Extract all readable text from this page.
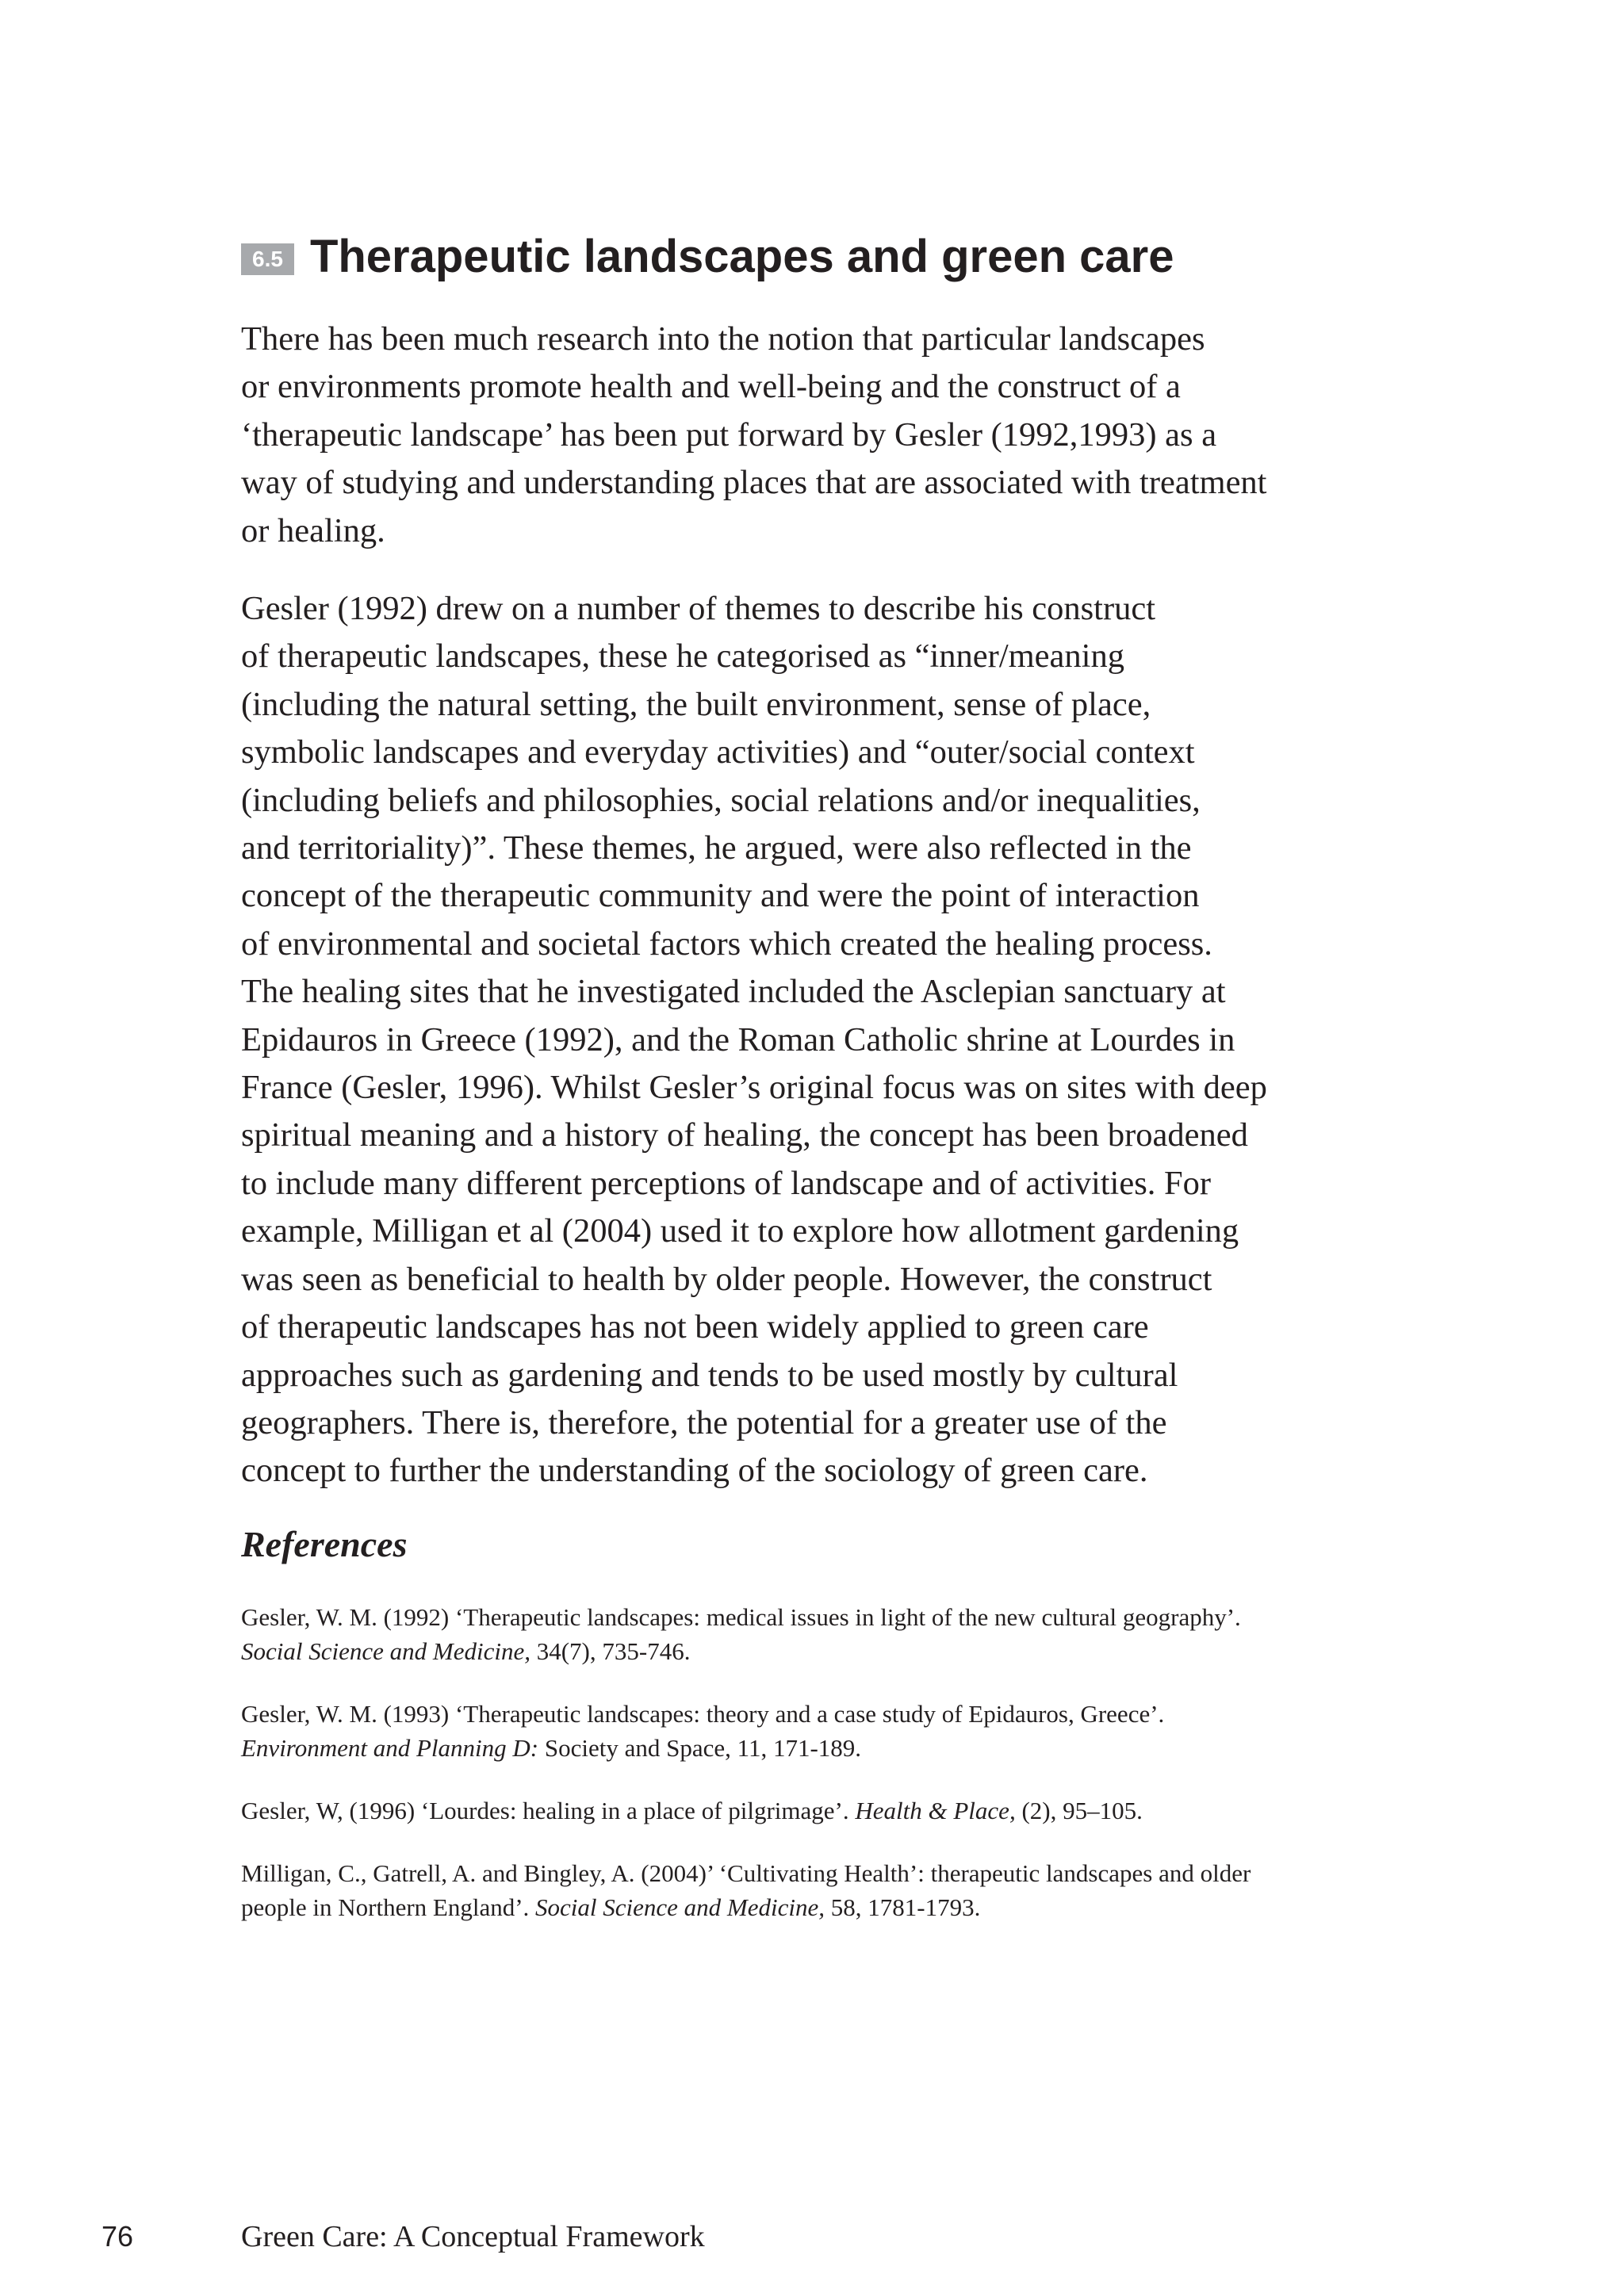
6.5 Therapeutic landscapes and green care

There has been much research into the notion that particular landscapes
or environments promote health and well-being and the construct of a
‘therapeutic landscape’ has been put forward by Gesler (1992,1993) as a
way of studying and understanding places that are associated with treatment
or healing.

Gesler (1992) drew on a number of themes to describe his construct
of therapeutic landscapes, these he categorised as “inner/meaning
(including the natural setting, the built environment, sense of place,
symbolic landscapes and everyday activities) and “outer/social context
(including beliefs and philosophies, social relations and/or inequalities,
and territoriality)”. These themes, he argued, were also reflected in the
concept of the therapeutic community and were the point of interaction
of environmental and societal factors which created the healing process.
The healing sites that he investigated included the Asclepian sanctuary at
Epidauros in Greece (1992), and the Roman Catholic shrine at Lourdes in
France (Gesler, 1996). Whilst Gesler’s original focus was on sites with deep
spiritual meaning and a history of healing, the concept has been broadened
to include many different perceptions of landscape and of activities. For
example, Milligan et al (2004) used it to explore how allotment gardening
was seen as beneficial to health by older people. However, the construct
of therapeutic landscapes has not been widely applied to green care
approaches such as gardening and tends to be used mostly by cultural
geographers. There is, therefore, the potential for a greater use of the
concept to further the understanding of the sociology of green care.

References

Gesler, W. M. (1992) ‘Therapeutic landscapes: medical issues in light of the new cultural geography’.
Social Science and Medicine, 34(7), 735-746.

Gesler, W. M. (1993) ‘Therapeutic landscapes: theory and a case study of Epidauros, Greece’.
Environment and Planning D: Society and Space, 11, 171-189.

Gesler, W, (1996) ‘Lourdes: healing in a place of pilgrimage’. Health & Place, (2), 95–105.

Milligan, C., Gatrell, A. and Bingley, A. (2004)’ ‘Cultivating Health’: therapeutic landscapes and older
people in Northern England’. Social Science and Medicine, 58, 1781-1793.

76	Green Care: A Conceptual Framework
